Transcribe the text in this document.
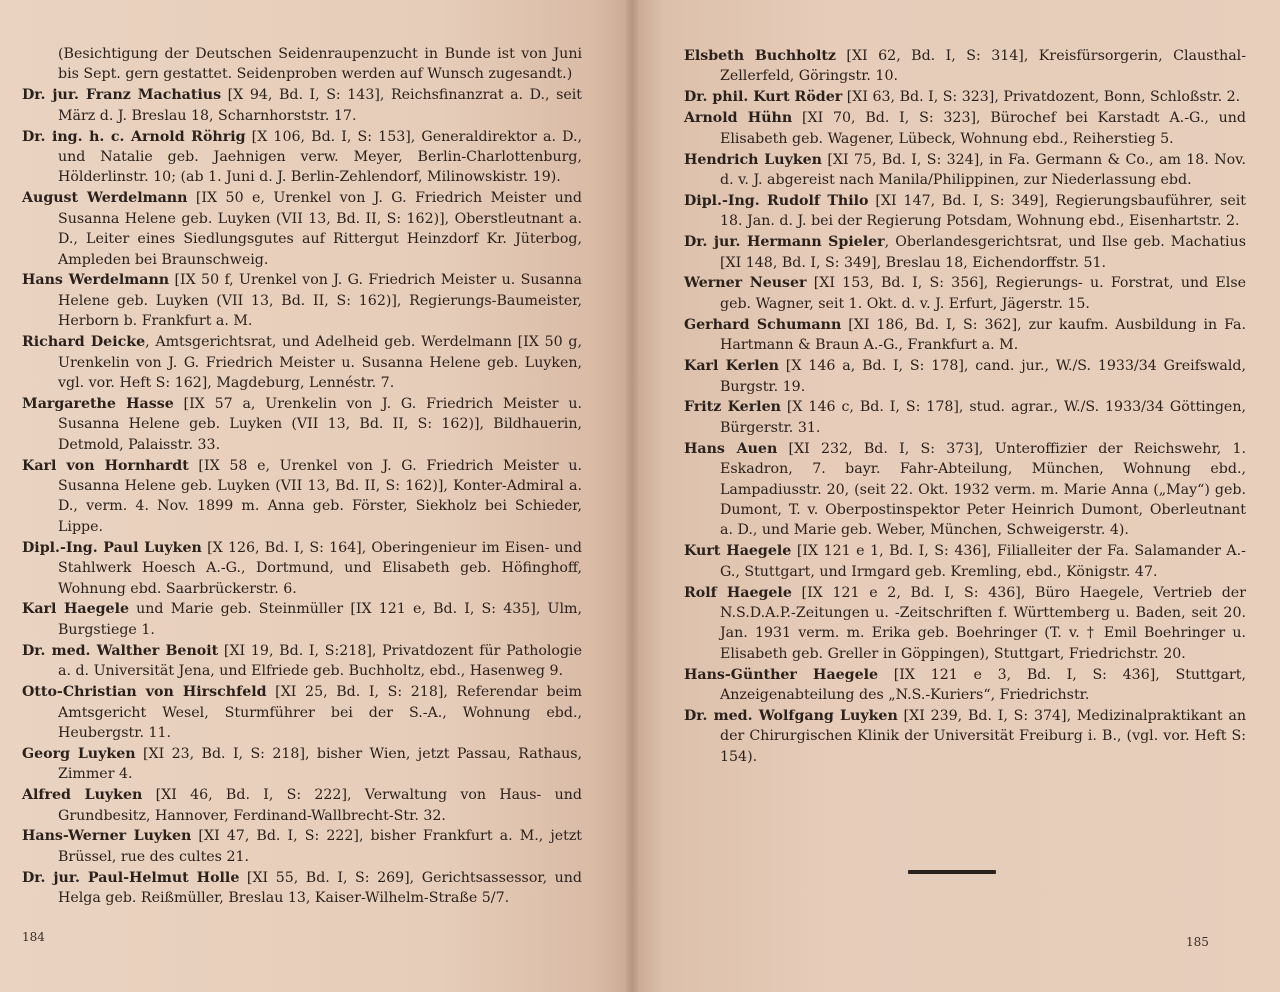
(Besichtigung der Deutschen Seidenraupenzucht in Bunde ist von Juni bis Sept. gern gestattet. Seidenproben werden auf Wunsch zugesandt.)
Dr. jur. Franz Machatius [X 94, Bd. I, S: 143], Reichsfinanzrat a. D., seit März d. J. Breslau 18, Scharnhorststr. 17.
Dr. ing. h. c. Arnold Röhrig [X 106, Bd. I, S: 153], Generaldirektor a. D., und Natalie geb. Jaehnigen verw. Meyer, Berlin-Charlottenburg, Hölderlinstr. 10; (ab 1. Juni d. J. Berlin-Zehlendorf, Milinowskistr. 19).
August Werdelmann [IX 50 e, Urenkel von J. G. Friedrich Meister und Susanna Helene geb. Luyken (VII 13, Bd. II, S: 162)], Oberstleutnant a. D., Leiter eines Siedlungsgutes auf Rittergut Heinzdorf Kr. Jüterbog, Ampleden bei Braunschweig.
Hans Werdelmann [IX 50 f, Urenkel von J. G. Friedrich Meister u. Susanna Helene geb. Luyken (VII 13, Bd. II, S: 162)], Regierungs-Baumeister, Herborn b. Frankfurt a. M.
Richard Deicke, Amtsgerichtsrat, und Adelheid geb. Werdelmann [IX 50 g, Urenkelin von J. G. Friedrich Meister u. Susanna Helene geb. Luyken, vgl. vor. Heft S: 162], Magdeburg, Lennéstr. 7.
Margarethe Hasse [IX 57 a, Urenkelin von J. G. Friedrich Meister u. Susanna Helene geb. Luyken (VII 13, Bd. II, S: 162)], Bildhauerin, Detmold, Palaisstr. 33.
Karl von Hornhardt [IX 58 e, Urenkel von J. G. Friedrich Meister u. Susanna Helene geb. Luyken (VII 13, Bd. II, S: 162)], Konter-Admiral a. D., verm. 4. Nov. 1899 m. Anna geb. Förster, Siekholz bei Schieder, Lippe.
Dipl.-Ing. Paul Luyken [X 126, Bd. I, S: 164], Oberingenieur im Eisen- und Stahlwerk Hoesch A.-G., Dortmund, und Elisabeth geb. Höfinghoff, Wohnung ebd. Saarbrückerstr. 6.
Karl Haegele und Marie geb. Steinmüller [IX 121 e, Bd. I, S: 435], Ulm, Burgstiege 1.
Dr. med. Walther Benoit [XI 19, Bd. I, S:218], Privatdozent für Pathologie a. d. Universität Jena, und Elfriede geb. Buchholtz, ebd., Hasenweg 9.
Otto-Christian von Hirschfeld [XI 25, Bd. I, S: 218], Referendar beim Amtsgericht Wesel, Sturmführer bei der S.-A., Wohnung ebd., Heubergstr. 11.
Georg Luyken [XI 23, Bd. I, S: 218], bisher Wien, jetzt Passau, Rathaus, Zimmer 4.
Alfred Luyken [XI 46, Bd. I, S: 222], Verwaltung von Haus- und Grundbesitz, Hannover, Ferdinand-Wallbrecht-Str. 32.
Hans-Werner Luyken [XI 47, Bd. I, S: 222], bisher Frankfurt a. M., jetzt Brüssel, rue des cultes 21.
Dr. jur. Paul-Helmut Holle [XI 55, Bd. I, S: 269], Gerichtsassessor, und Helga geb. Reißmüller, Breslau 13, Kaiser-Wilhelm-Straße 5/7.
184
Elsbeth Buchholtz [XI 62, Bd. I, S: 314], Kreisfürsorgerin, Clausthal-Zellerfeld, Göringstr. 10.
Dr. phil. Kurt Röder [XI 63, Bd. I, S: 323], Privatdozent, Bonn, Schloßstr. 2.
Arnold Hühn [XI 70, Bd. I, S: 323], Bürochef bei Karstadt A.-G., und Elisabeth geb. Wagener, Lübeck, Wohnung ebd., Reiherstieg 5.
Hendrich Luyken [XI 75, Bd. I, S: 324], in Fa. Germann & Co., am 18. Nov. d. v. J. abgereist nach Manila/Philippinen, zur Niederlassung ebd.
Dipl.-Ing. Rudolf Thilo [XI 147, Bd. I, S: 349], Regierungsbauführer, seit 18. Jan. d. J. bei der Regierung Potsdam, Wohnung ebd., Eisenhartstr. 2.
Dr. jur. Hermann Spieler, Oberlandesgerichtsrat, und Ilse geb. Machatius [XI 148, Bd. I, S: 349], Breslau 18, Eichendorffstr. 51.
Werner Neuser [XI 153, Bd. I, S: 356], Regierungs- u. Forstrat, und Else geb. Wagner, seit 1. Okt. d. v. J. Erfurt, Jägerstr. 15.
Gerhard Schumann [XI 186, Bd. I, S: 362], zur kaufm. Ausbildung in Fa. Hartmann & Braun A.-G., Frankfurt a. M.
Karl Kerlen [X 146 a, Bd. I, S: 178], cand. jur., W./S. 1933/34 Greifswald, Burgstr. 19.
Fritz Kerlen [X 146 c, Bd. I, S: 178], stud. agrar., W./S. 1933/34 Göttingen, Bürgerstr. 31.
Hans Auen [XI 232, Bd. I, S: 373], Unteroffizier der Reichswehr, 1. Eskadron, 7. bayr. Fahr-Abteilung, München, Wohnung ebd., Lampadiusstr. 20, (seit 22. Okt. 1932 verm. m. Marie Anna („May“) geb. Dumont, T. v. Oberpostinspektor Peter Heinrich Dumont, Oberleutnant a. D., und Marie geb. Weber, München, Schweigerstr. 4).
Kurt Haegele [IX 121 e 1, Bd. I, S: 436], Filialleiter der Fa. Salamander A.-G., Stuttgart, und Irmgard geb. Kremling, ebd., Königstr. 47.
Rolf Haegele [IX 121 e 2, Bd. I, S: 436], Büro Haegele, Vertrieb der N.S.D.A.P.-Zeitungen u. -Zeitschriften f. Württemberg u. Baden, seit 20. Jan. 1931 verm. m. Erika geb. Boehringer (T. v. † Emil Boehringer u. Elisabeth geb. Greller in Göppingen), Stuttgart, Friedrichstr. 20.
Hans-Günther Haegele [IX 121 e 3, Bd. I, S: 436], Stuttgart, Anzeigenabteilung des „N.S.-Kuriers“, Friedrichstr.
Dr. med. Wolfgang Luyken [XI 239, Bd. I, S: 374], Medizinalpraktikant an der Chirurgischen Klinik der Universität Freiburg i. B., (vgl. vor. Heft S: 154).
185
